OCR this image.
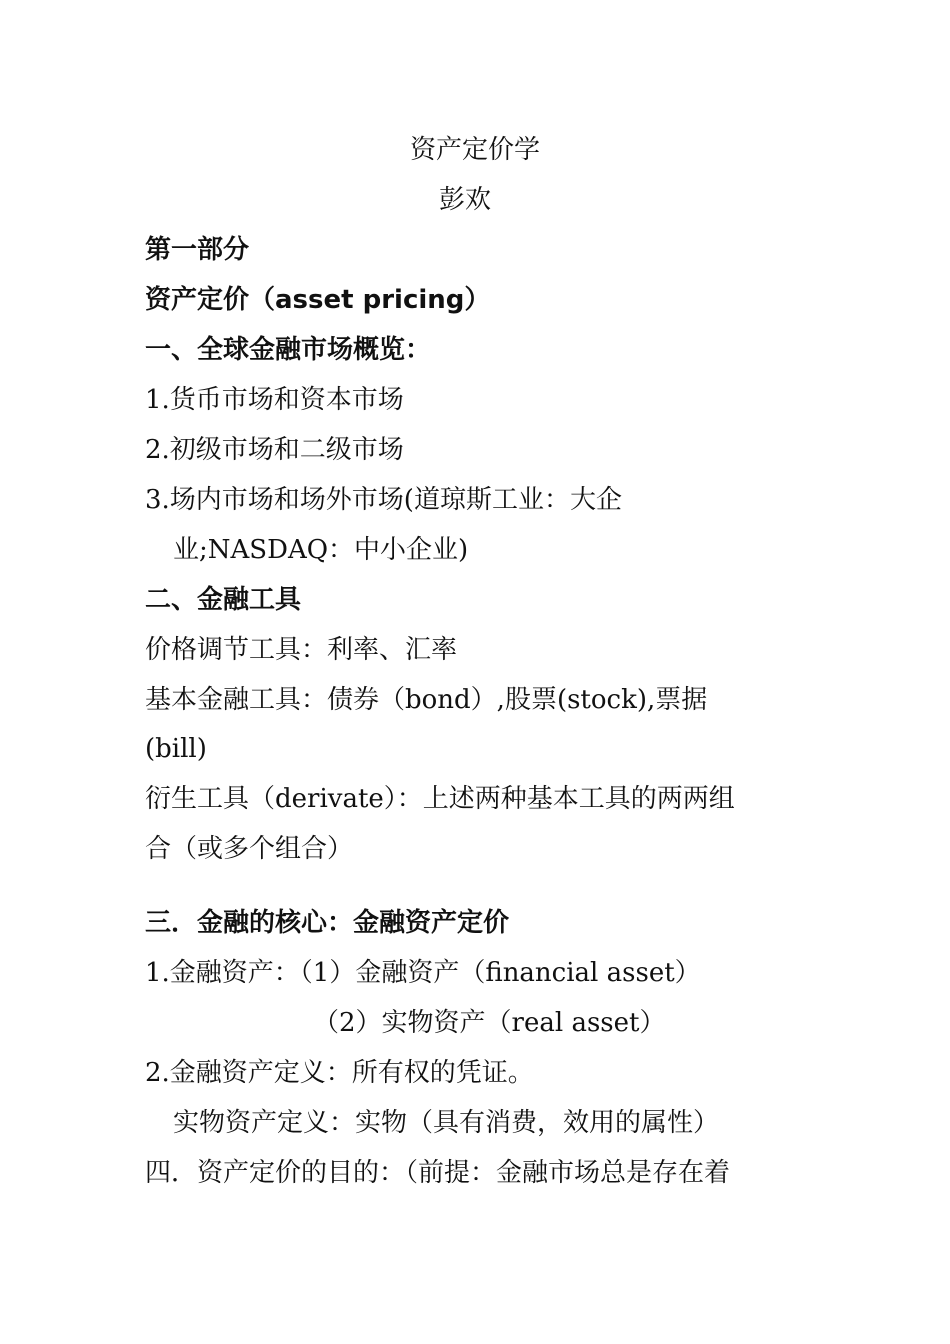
资产定价学
彭欢
第一部分
资产定价（asset pricing）
一、全球金融市场概览：
1.货币市场和资本市场
2.初级市场和二级市场
3.场内市场和场外市场(道琼斯工业：大企
业;NASDAQ：中小企业)
二、金融工具
价格调节工具：利率、汇率
基本金融工具：债券（bond）,股票(stock),票据
(bill)
衍生工具（derivate）：上述两种基本工具的两两组
合（或多个组合）
三．金融的核心：金融资产定价
1.金融资产：（1）金融资产（financial asset）
（2）实物资产（real asset）
2.金融资产定义：所有权的凭证。
实物资产定义：实物（具有消费，效用的属性）
四．资产定价的目的：（前提：金融市场总是存在着
